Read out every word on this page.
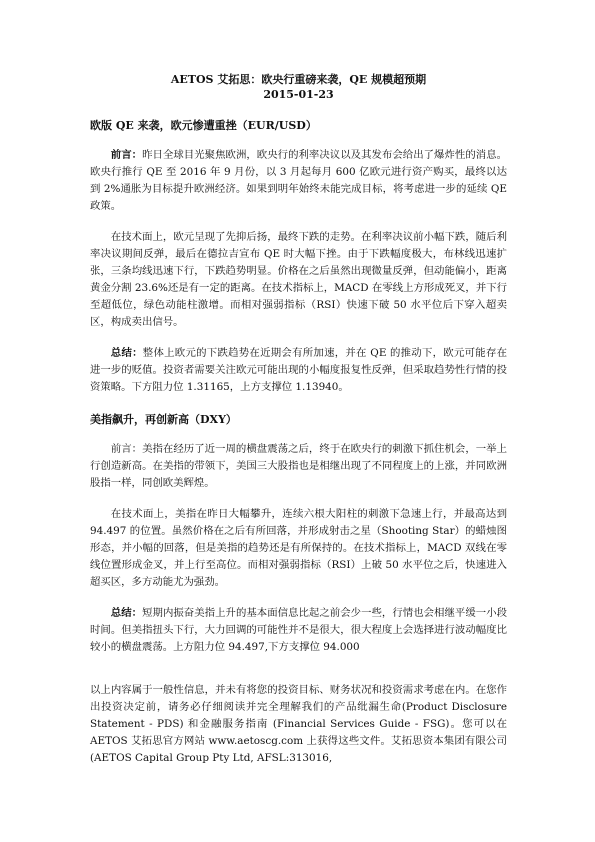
AETOS 艾拓思：欧央行重磅来袭，QE 规模超预期
2015-01-23
欧版 QE 来袭，欧元惨遭重挫（EUR/USD）

前言：昨日全球目光聚焦欧洲，欧央行的利率决议以及其发布会给出了爆炸性的消息。欧央行推行 QE 至 2016 年 9 月份，以 3 月起每月 600 亿欧元进行资产购买，最终以达到 2%通胀为目标提升欧洲经济。如果到明年始终未能完成目标，将考虑进一步的延续 QE 政策。

在技术面上，欧元呈现了先抑后扬，最终下跌的走势。在利率决议前小幅下跌，随后利率决议期间反弹，最后在德拉吉宣布 QE 时大幅下挫。由于下跌幅度极大，布林线迅速扩张，三条均线迅速下行，下跌趋势明显。价格在之后虽然出现微量反弹，但动能偏小，距离黄金分割 23.6%还是有一定的距离。在技术指标上，MACD 在零线上方形成死叉，并下行至超低位，绿色动能柱激增。而相对强弱指标（RSI）快速下破 50 水平位后下穿入超卖区，构成卖出信号。

总结：整体上欧元的下跌趋势在近期会有所加速，并在 QE 的推动下，欧元可能存在进一步的贬值。投资者需要关注欧元可能出现的小幅度报复性反弹，但采取趋势性行情的投资策略。下方阻力位 1.31165，上方支撑位 1.13940。

美指飙升，再创新高（DXY）

前言：美指在经历了近一周的横盘震荡之后，终于在欧央行的刺激下抓住机会，一举上行创造新高。在美指的带领下，美国三大股指也是相继出现了不同程度上的上涨，并同欧洲股指一样，同创欧美辉煌。

在技术面上，美指在昨日大幅攀升，连续六根大阳柱的刺激下急速上行，并最高达到 94.497 的位置。虽然价格在之后有所回落，并形成射击之星（Shooting Star）的蜡烛图形态，并小幅的回落，但是美指的趋势还是有所保持的。在技术指标上，MACD 双线在零线位置形成金叉，并上行至高位。而相对强弱指标（RSI）上破 50 水平位之后，快速进入超买区，多方动能尤为强劲。

总结：短期内振奋美指上升的基本面信息比起之前会少一些，行情也会相继平缓一小段时间。但美指扭头下行，大力回调的可能性并不是很大，很大程度上会选择进行波动幅度比较小的横盘震荡。上方阻力位 94.497,下方支撑位 94.000

以上内容属于一般性信息，并未有将您的投资目标、财务状况和投资需求考虑在内。在您作出投资决定前，请务必仔细阅读并完全理解我们的产品纰漏生命(Product Disclosure Statement - PDS) 和金融服务指南 (Financial Services Guide - FSG)。您可以在 AETOS 艾拓思官方网站 www.aetoscg.com 上获得这些文件。艾拓思资本集团有限公司(AETOS Capital Group Pty Ltd, AFSL:313016,
